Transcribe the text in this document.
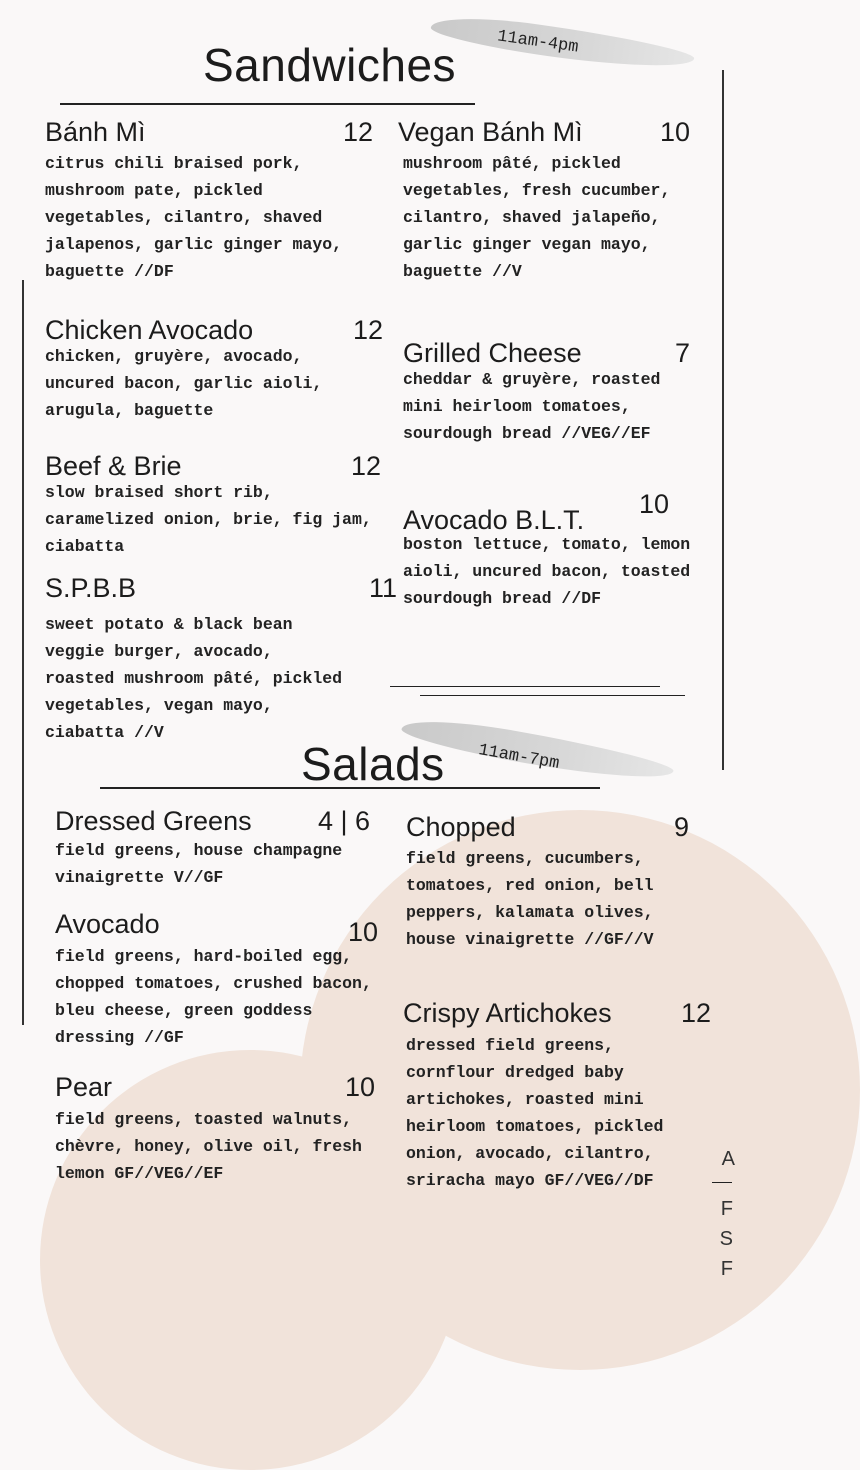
11am-4pm
Sandwiches
Bánh Mì	12
citrus chili braised pork, mushroom pate, pickled vegetables, cilantro, shaved jalapenos, garlic ginger mayo, baguette //DF
Chicken Avocado	12
chicken, gruyère, avocado, uncured bacon, garlic aioli, arugula, baguette
Beef & Brie	12
slow braised short rib, caramelized onion, brie, fig jam, ciabatta
S.P.B.B	11
sweet potato & black bean veggie burger, avocado, roasted mushroom pâté, pickled vegetables, vegan mayo, ciabatta //V
Vegan Bánh Mì	10
mushroom pâté, pickled vegetables, fresh cucumber, cilantro, shaved jalapeño, garlic ginger vegan mayo, baguette //V
Grilled Cheese	7
cheddar & gruyère, roasted mini heirloom tomatoes, sourdough bread //VEG//EF
Avocado B.L.T.
10
boston lettuce, tomato, lemon aioli, uncured bacon, toasted sourdough bread //DF
11am-7pm
Salads
Dressed Greens	4 | 6
field greens, house champagne vinaigrette V//GF
Avocado	10
field greens, hard-boiled egg, chopped tomatoes, crushed bacon, bleu cheese, green goddess dressing //GF
Pear	10
field greens, toasted walnuts, chèvre, honey, olive oil, fresh lemon GF//VEG//EF
Chopped	9
field greens, cucumbers, tomatoes, red onion, bell peppers, kalamata olives, house vinaigrette //GF//V
Crispy Artichokes	12
dressed field greens, cornflour dredged baby artichokes, roasted mini heirloom tomatoes, pickled onion, avocado, cilantro, sriracha mayo GF//VEG//DF
A
F
S
F
